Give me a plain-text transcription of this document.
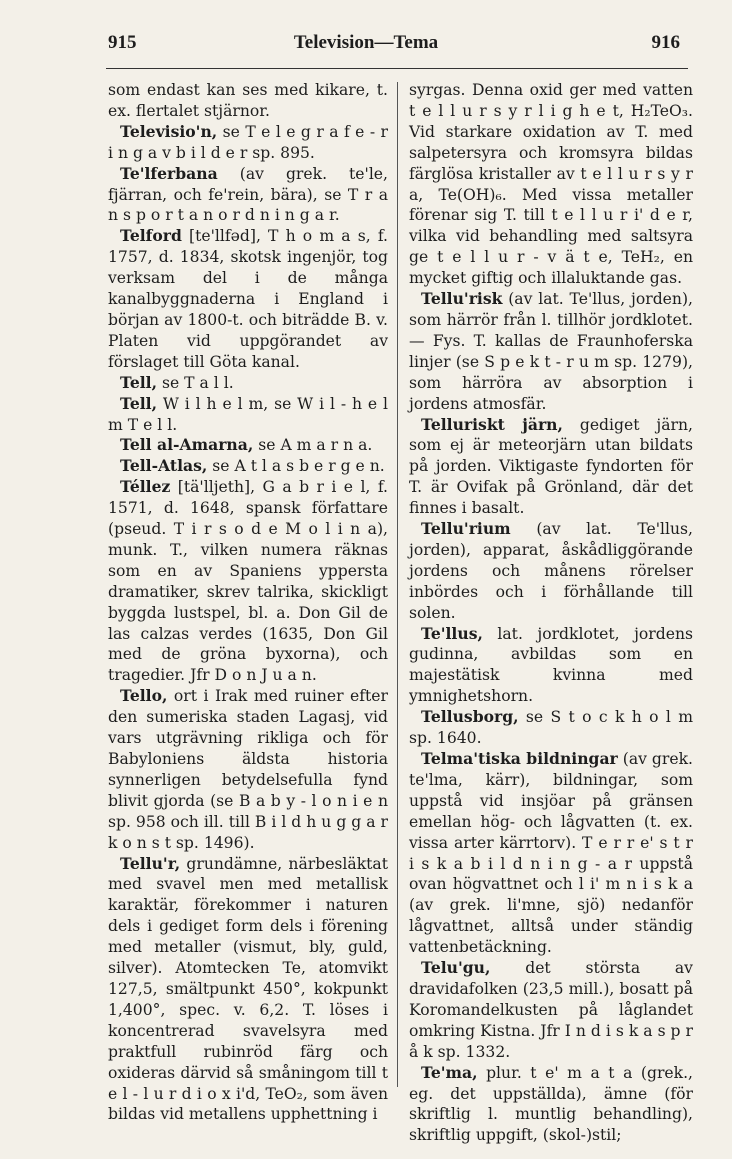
915	Television—Tema	916

som endast kan ses med kikare, t. ex. flertalet stjärnor.

Televisio'n, se T e l e g r a f e - r i n g a v b i l d e r sp. 895.

Te'lferbana (av grek. te'le, fjärran, och fe'rein, bära), se T r a n s p o r t a n o r d n i n g a r.

Telford [te'llfəd], T h o m a s, f. 1757, d. 1834, skotsk ingenjör, tog verksam del i de många kanalbyggnaderna i England i början av 1800-t. och biträdde B. v. Platen vid uppgörandet av förslaget till Göta kanal.

Tell, se T a l l.

Tell, W i l h e l m, se W i l - h e l m T e l l.

Tell al-Amarna, se A m a r n a.

Tell-Atlas, se A t l a s b e r g e n.

Téllez [tä'lljeth], G a b r i e l, f. 1571, d. 1648, spansk författare (pseud. T i r s o d e M o l i n a), munk. T., vilken numera räknas som en av Spaniens yppersta dramatiker, skrev talrika, skickligt byggda lustspel, bl. a. Don Gil de las calzas verdes (1635, Don Gil med de gröna byxorna), och tragedier. Jfr D o n J u a n.

Tello, ort i Irak med ruiner efter den sumeriska staden Lagasj, vid vars utgrävning rikliga och för Babyloniens äldsta historia synnerligen betydelsefulla fynd blivit gjorda (se B a b y - l o n i e n sp. 958 och ill. till B i l d h u g g a r k o n s t sp. 1496).

Tellu'r, grundämne, närbesläktat med svavel men med metallisk karaktär, förekommer i naturen dels i gediget form dels i förening med metaller (vismut, bly, guld, silver). Atomtecken Te, atomvikt 127,5, smältpunkt 450°, kokpunkt 1,400°, spec. v. 6,2. T. löses i koncentrerad svavelsyra med praktfull rubinröd färg och oxideras därvid så småningom till t e l - l u r d i o x i'd, TeO₂, som även bildas vid metallens upphettning i

syrgas. Denna oxid ger med vatten t e l l u r s y r l i g h e t, H₂TeO₃. Vid starkare oxidation av T. med salpetersyra och kromsyra bildas färglösa kristaller av t e l l u r s y r a, Te(OH)₆. Med vissa metaller förenar sig T. till t e l l u r i' d e r, vilka vid behandling med saltsyra ge t e l l u r - v ä t e, TeH₂, en mycket giftig och illaluktande gas.

Tellu'risk (av lat. Te'llus, jorden), som härrör från l. tillhör jordklotet. — Fys. T. kallas de Fraunhoferska linjer (se S p e k t - r u m sp. 1279), som härröra av absorption i jordens atmosfär.

Telluriskt järn, gediget järn, som ej är meteorjärn utan bildats på jorden. Viktigaste fyndorten för T. är Ovifak på Grönland, där det finnes i basalt.

Tellu'rium (av lat. Te'llus, jorden), apparat, åskådliggörande jordens och månens rörelser inbördes och i förhållande till solen.

Te'llus, lat. jordklotet, jordens gudinna, avbildas som en majestätisk kvinna med ymnighetshorn.

Tellusborg, se S t o c k h o l m sp. 1640.

Telma'tiska bildningar (av grek. te'lma, kärr), bildningar, som uppstå vid insjöar på gränsen emellan hög- och lågvatten (t. ex. vissa arter kärrtorv). T e r r e' s t r i s k a b i l d n i n g - a r uppstå ovan högvattnet och l i' m n i s k a (av grek. li'mne, sjö) nedanför lågvattnet, alltså under ständig vattenbetäckning.

Telu'gu, det största av dravidafolken (23,5 mill.), bosatt på Koromandelkusten på låglandet omkring Kistna. Jfr I n d i s k a s p r å k sp. 1332.

Te'ma, plur. t e' m a t a (grek., eg. det uppställda), ämne (för skriftlig l. muntlig behandling), skriftlig uppgift, (skol-)stil;
